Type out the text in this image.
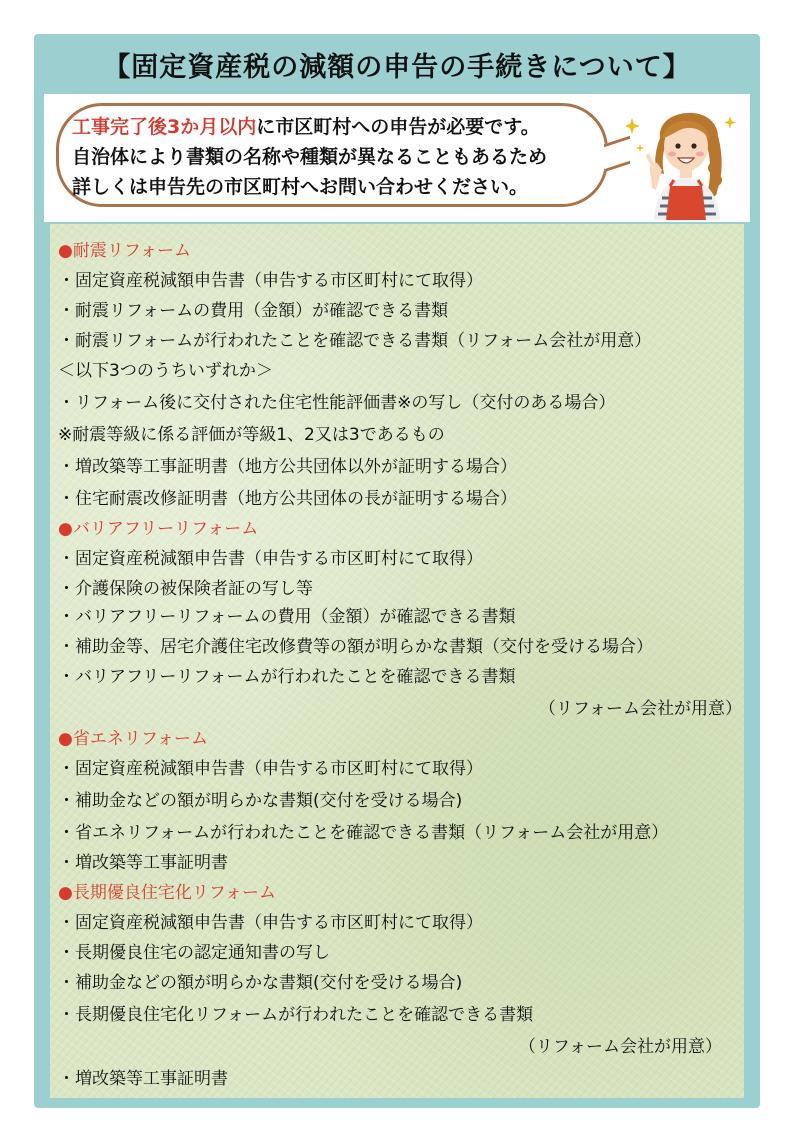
【固定資産税の減額の申告の手続きについて】
工事完了後3か月以内に市区町村への申告が必要です。
自治体により書類の名称や種類が異なることもあるため
詳しくは申告先の市区町村へお問い合わせください。
●耐震リフォーム
・固定資産税減額申告書（申告する市区町村にて取得）
・耐震リフォームの費用（金額）が確認できる書類
・耐震リフォームが行われたことを確認できる書類（リフォーム会社が用意）
＜以下3つのうちいずれか＞
・リフォーム後に交付された住宅性能評価書※の写し（交付のある場合）
※耐震等級に係る評価が等級1、2又は3であるもの
・増改築等工事証明書（地方公共団体以外が証明する場合）
・住宅耐震改修証明書（地方公共団体の長が証明する場合）
●バリアフリーリフォーム
・固定資産税減額申告書（申告する市区町村にて取得）
・介護保険の被保険者証の写し等
・バリアフリーリフォームの費用（金額）が確認できる書類
・補助金等、居宅介護住宅改修費等の額が明らかな書類（交付を受ける場合）
・バリアフリーリフォームが行われたことを確認できる書類
（リフォーム会社が用意）
●省エネリフォーム
・固定資産税減額申告書（申告する市区町村にて取得）
・補助金などの額が明らかな書類(交付を受ける場合)
・省エネリフォームが行われたことを確認できる書類（リフォーム会社が用意）
・増改築等工事証明書
●長期優良住宅化リフォーム
・固定資産税減額申告書（申告する市区町村にて取得）
・長期優良住宅の認定通知書の写し
・補助金などの額が明らかな書類(交付を受ける場合)
・長期優良住宅化リフォームが行われたことを確認できる書類
（リフォーム会社が用意）
・増改築等工事証明書
